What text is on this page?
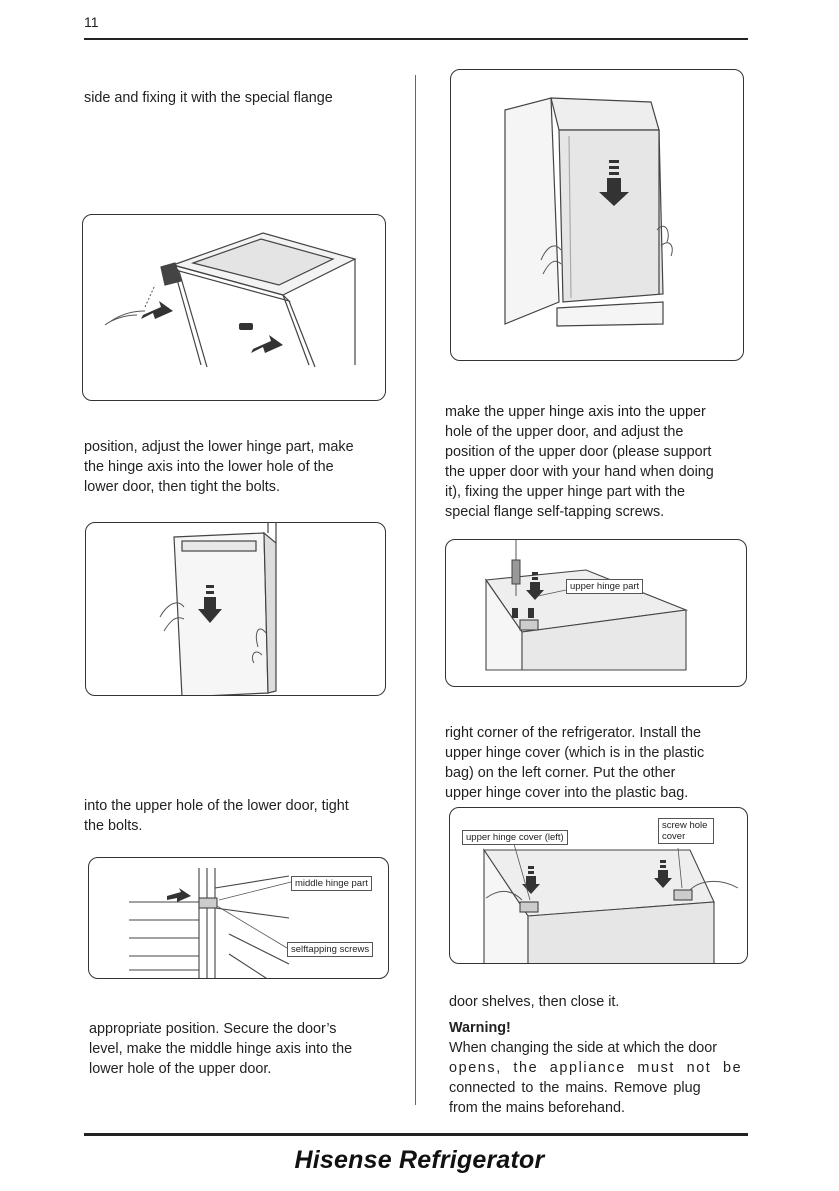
11
Hisense Refrigerator
side and fixing it with the special flange
position, adjust the lower hinge part, make
the hinge axis into the lower hole of the
lower door, then tight the bolts.
into the upper hole of the lower door, tight
the bolts.
middle hinge part
selftapping screws
appropriate position. Secure the door’s
level, make the middle hinge axis into the
lower hole of the upper door.
make the upper hinge axis into the upper
hole of the upper door, and adjust the
position of the upper door (please support
the upper door with your hand when doing
it), fixing the upper hinge part with the
special flange self-tapping screws.
upper hinge part
right corner of the refrigerator. Install the
upper hinge cover (which is in the plastic
bag) on the left corner. Put the other
upper hinge cover into the plastic bag.
upper hinge cover (left)
screw hole cover
door shelves, then close it.
Warning!
When changing the side at which the door
opens, the appliance must not be
connected to the mains. Remove plug
from the mains beforehand.
